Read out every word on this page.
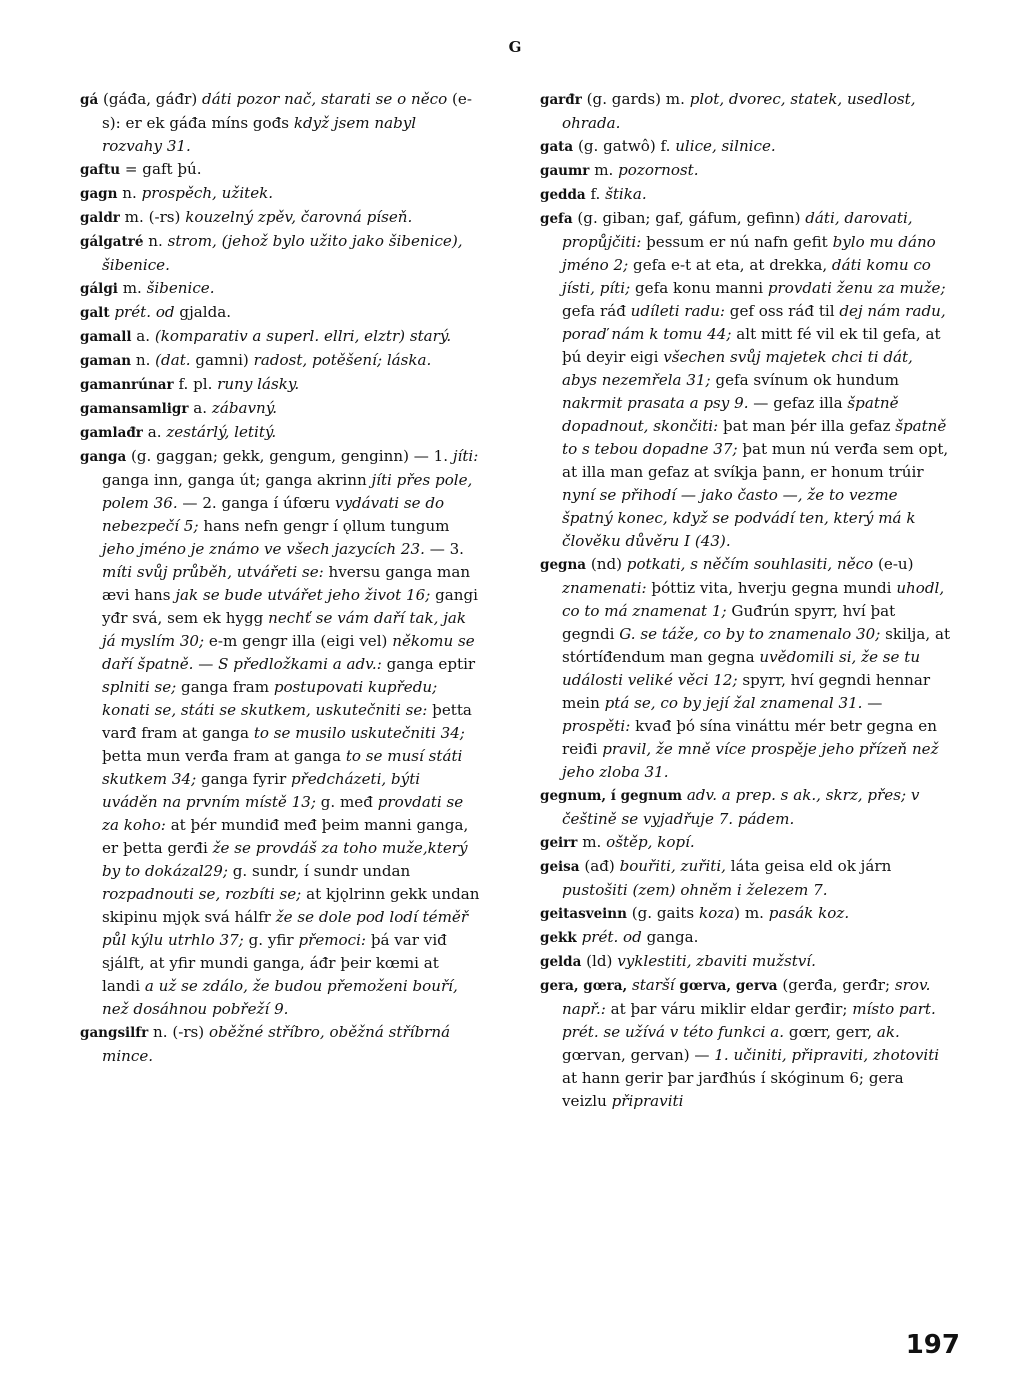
G

gá (gáđa, gáđr) dáti pozor nač, starati se o něco (e-s): er ek gáđa míns gođs když jsem nabyl rozvahy 31.

gaftu = gaft þú.

gagn n. prospěch, užitek.

galdr m. (-rs) kouzelný zpěv, čarovná píseň.

gálgatré n. strom, (jehož bylo užito jako šibenice), šibenice.

gálgi m. šibenice.

galt prét. od gjalda.

gamall a. (komparativ a superl. ellri, elztr) starý.

gaman n. (dat. gamni) radost, potěšení; láska.

gamanrúnar f. pl. runy lásky.

gamansamligr a. zábavný.

gamlađr a. zestárlý, letitý.

ganga (g. gaggan; gekk, gengum, genginn) — 1. jíti: ganga inn, ganga út; ganga akrinn jíti přes pole, polem 36. — 2. ganga í úfœru vydávati se do nebezpečí 5; hans nefn gengr í ǫllum tungum jeho jméno je známo ve všech jazycích 23. — 3. míti svůj průběh, utvářeti se: hversu ganga man ævi hans jak se bude utvářet jeho život 16; gangi yđr svá, sem ek hygg nechť se vám daří tak, jak já myslím 30; e-m gengr illa (eigi vel) někomu se daří špatně. — S předložkami a adv.: ganga eptir splniti se; ganga fram postupovati kupředu; konati se, státi se skutkem, uskutečniti se: þetta varđ fram at ganga to se musilo uskutečniti 34; þetta mun verđa fram at ganga to se musí státi skutkem 34; ganga fyrir předcházeti, býti uváděn na prvním místě 13; g. međ provdati se za koho: at þér mundiđ međ þeim manni ganga, er þetta gerđi že se provdáš za toho muže,který by to dokázal29; g. sundr, í sundr undan rozpadnouti se, rozbíti se; at kjǫlrinn gekk undan skipinu mjǫk svá hálfr že se dole pod lodí téměř půl kýlu utrhlo 37; g. yfir přemoci: þá var viđ sjálft, at yfir mundi ganga, áđr þeir kœmi at landi a už se zdálo, že budou přemoženi bouří, než dosáhnou pobřeží 9.

gangsilfr n. (-rs) oběžné stříbro, oběžná stříbrná mince.

garđr (g. gards) m. plot, dvorec, statek, usedlost, ohrada.

gata (g. gatwô) f. ulice, silnice.

gaumr m. pozornost.

gedda f. štika.

gefa (g. giban; gaf, gáfum, gefinn) dáti, darovati, propůjčiti: þessum er nú nafn gefit bylo mu dáno jméno 2; gefa e-t at eta, at drekka, dáti komu co jísti, píti; gefa konu manni provdati ženu za muže; gefa ráđ udíleti radu: gef oss ráđ til dej nám radu, poraď nám k tomu 44; alt mitt fé vil ek til gefa, at þú deyir eigi všechen svůj majetek chci ti dát, abys nezemřela 31; gefa svínum ok hundum nakrmit prasata a psy 9. — gefaz illa špatně dopadnout, skončiti: þat man þér illa gefaz špatně to s tebou dopadne 37; þat mun nú verđa sem opt, at illa man gefaz at svíkja þann, er honum trúir nyní se přihodí — jako často —, že to vezme špatný konec, když se podvádí ten, který má k člověku důvěru I (43).

gegna (nd) potkati, s něčím souhlasiti, něco (e-u) znamenati: þóttiz vita, hverju gegna mundi uhodl, co to má znamenat 1; Guđrún spyrr, hví þat gegndi G. se táže, co by to znamenalo 30; skilja, at stórtíđendum man gegna uvědomili si, že se tu události veliké věci 12; spyrr, hví gegndi hennar mein ptá se, co by její žal znamenal 31. — prospěti: kvađ þó sína vináttu mér betr gegna en reiđi pravil, že mně více prospěje jeho přízeň než jeho zloba 31.

gegnum, í gegnum adv. a prep. s ak., skrz, přes; v češtině se vyjadřuje 7. pádem.

geirr m. oštěp, kopí.

geisa (ađ) bouřiti, zuřiti, láta geisa eld ok járn pustošiti (zem) ohněm i železem 7.

geitasveinn (g. gaits koza) m. pasák koz.

gekk prét. od ganga.

gelda (ld) vyklestiti, zbaviti mužství.

gera, gœra, starší gœrva, gerva (gerđa, gerđr; srov. např.: at þar váru miklir eldar gerđir; místo part. prét. se užívá v této funkci a. gœrr, gerr, ak. gœrvan, gervan) — 1. učiniti, připraviti, zhotoviti at hann gerir þar jarđhús í skóginum 6; gera veizlu připraviti

197
